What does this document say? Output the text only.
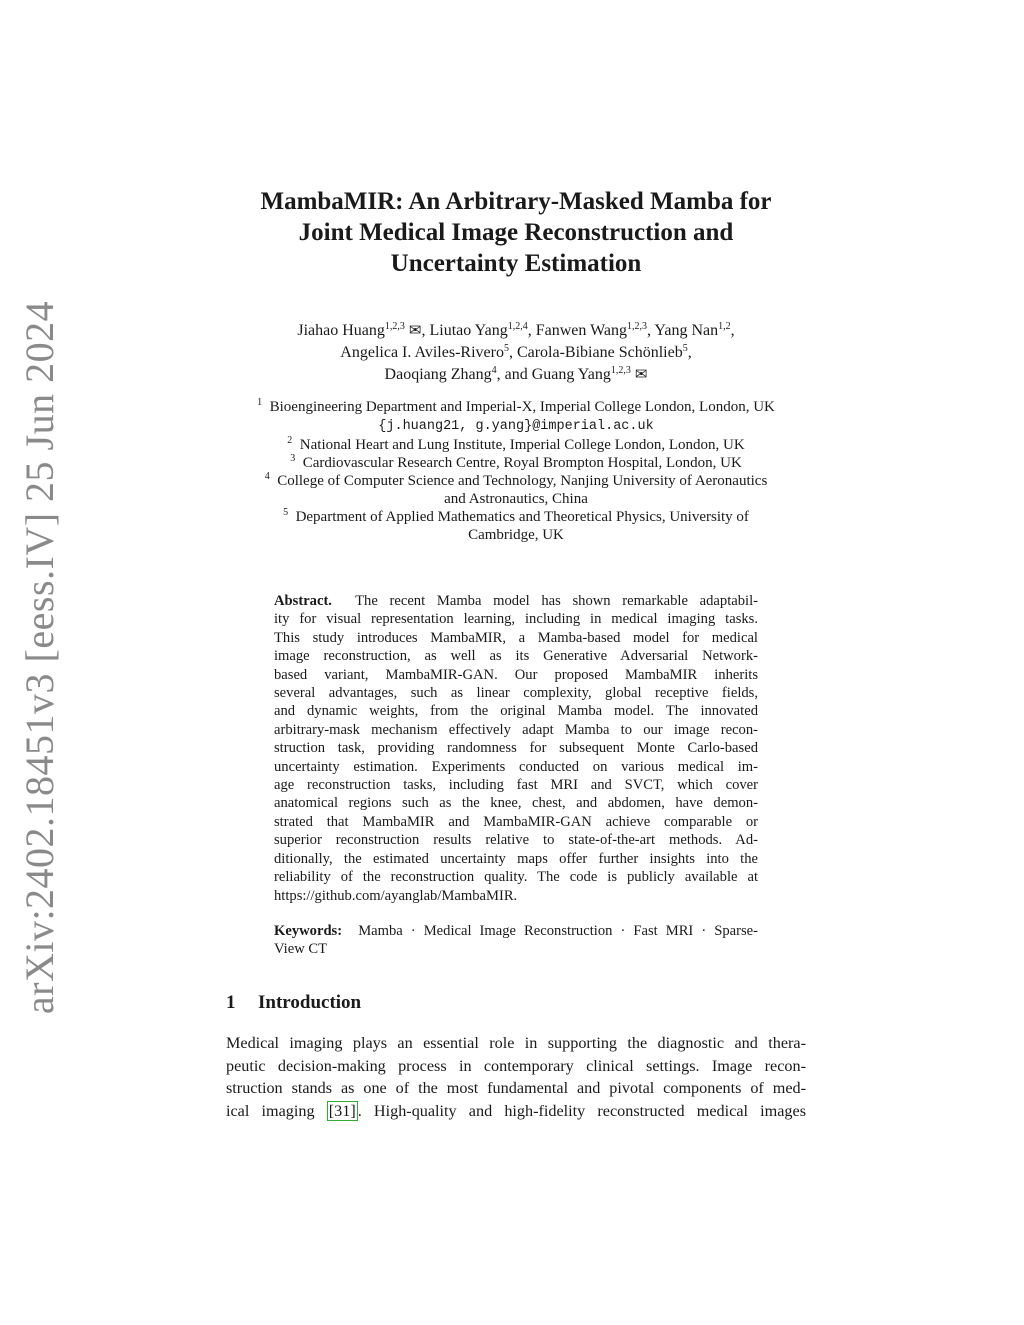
arXiv:2402.18451v3 [eess.IV] 25 Jun 2024
MambaMIR: An Arbitrary-Masked Mamba for
Joint Medical Image Reconstruction and
Uncertainty Estimation
Jiahao Huang$^{1,2,3}$ ✉, Liutao Yang$^{1,2,4}$, Fanwen Wang$^{1,2,3}$, Yang Nan$^{1,2}$,
Angelica I. Aviles-Rivero$^5$, Carola-Bibiane Schönlieb$^5$,
Daoqiang Zhang$^4$, and Guang Yang$^{1,2,3}$ ✉
$^1$ Bioengineering Department and Imperial-X, Imperial College London, London, UK
{j.huang21, g.yang}@imperial.ac.uk
$^2$ National Heart and Lung Institute, Imperial College London, London, UK
$^3$ Cardiovascular Research Centre, Royal Brompton Hospital, London, UK
$^4$ College of Computer Science and Technology, Nanjing University of Aeronautics
and Astronautics, China
$^5$ Department of Applied Mathematics and Theoretical Physics, University of
Cambridge, UK
Abstract. The recent Mamba model has shown remarkable adaptabil-
ity for visual representation learning, including in medical imaging tasks.
This study introduces MambaMIR, a Mamba-based model for medical
image reconstruction, as well as its Generative Adversarial Network-
based variant, MambaMIR-GAN. Our proposed MambaMIR inherits
several advantages, such as linear complexity, global receptive fields,
and dynamic weights, from the original Mamba model. The innovated
arbitrary-mask mechanism effectively adapt Mamba to our image recon-
struction task, providing randomness for subsequent Monte Carlo-based
uncertainty estimation. Experiments conducted on various medical im-
age reconstruction tasks, including fast MRI and SVCT, which cover
anatomical regions such as the knee, chest, and abdomen, have demon-
strated that MambaMIR and MambaMIR-GAN achieve comparable or
superior reconstruction results relative to state-of-the-art methods. Ad-
ditionally, the estimated uncertainty maps offer further insights into the
reliability of the reconstruction quality. The code is publicly available at
https://github.com/ayanglab/MambaMIR.
Keywords: Mamba · Medical Image Reconstruction · Fast MRI · Sparse-
View CT
1 Introduction
Medical imaging plays an essential role in supporting the diagnostic and thera-
peutic decision-making process in contemporary clinical settings. Image recon-
struction stands as one of the most fundamental and pivotal components of med-
ical imaging [31] . High-quality and high-fidelity reconstructed medical images
